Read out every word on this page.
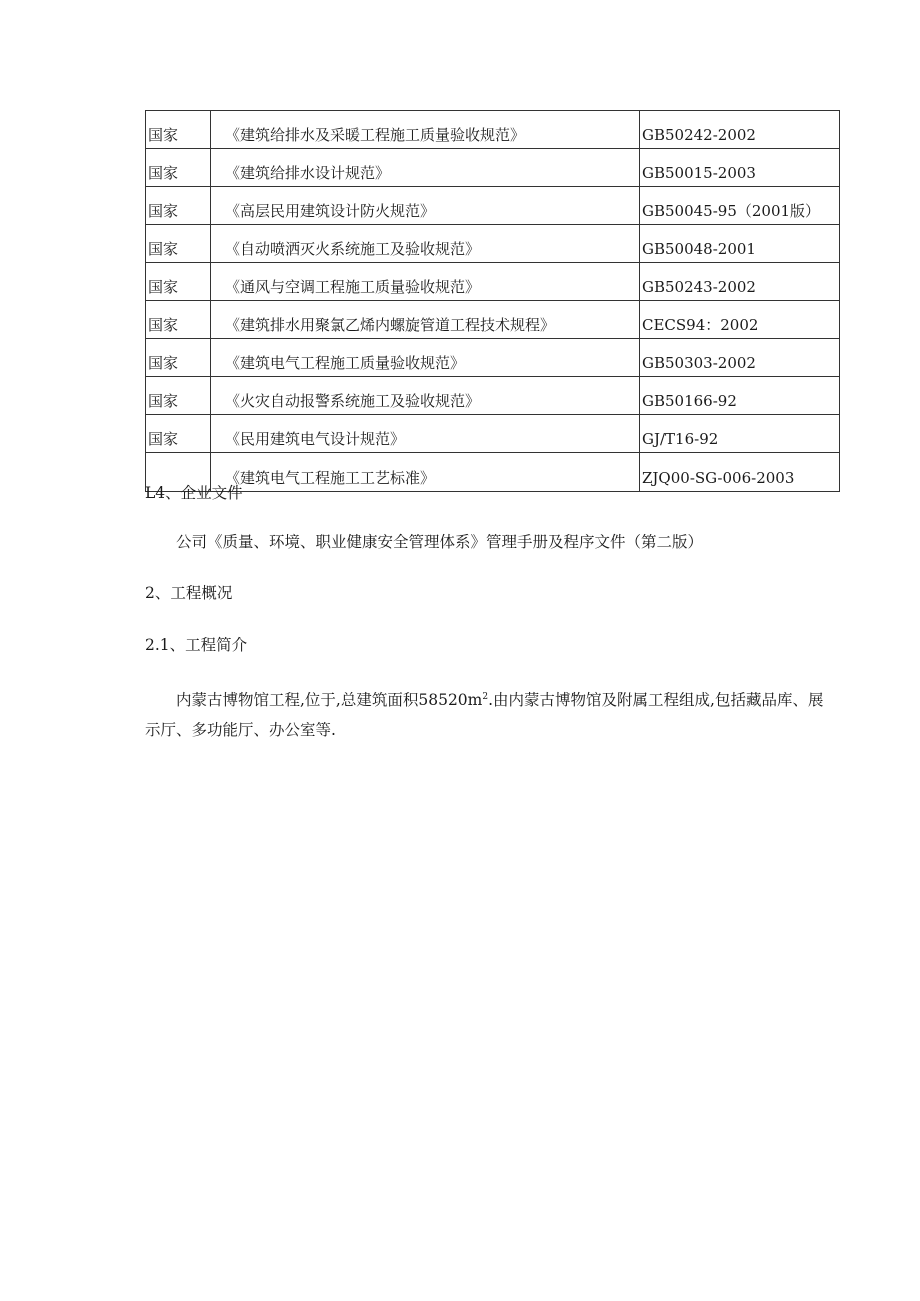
国家	《建筑给排水及采暖工程施工质量验收规范》	GB50242-2002
国家	《建筑给排水设计规范》	GB50015-2003
国家	《高层民用建筑设计防火规范》	GB50045-95（2001版）
国家	《自动喷洒灭火系统施工及验收规范》	GB50048-2001
国家	《通风与空调工程施工质量验收规范》	GB50243-2002
国家	《建筑排水用聚氯乙烯内螺旋管道工程技术规程》	CECS94：2002
国家	《建筑电气工程施工质量验收规范》	GB50303-2002
国家	《火灾自动报警系统施工及验收规范》	GB50166-92
国家	《民用建筑电气设计规范》	GJ/T16-92
	《建筑电气工程施工工艺标准》	ZJQ00-SG-006-2003
L4、企业文件
公司《质量、环境、职业健康安全管理体系》管理手册及程序文件（第二版）
2、工程概况
2.1、工程简介
内蒙古博物馆工程,位于,总建筑面积$58520m^2$.由内蒙古博物馆及附属工程组成,包括藏品库、展示厅、多功能厅、办公室等.
